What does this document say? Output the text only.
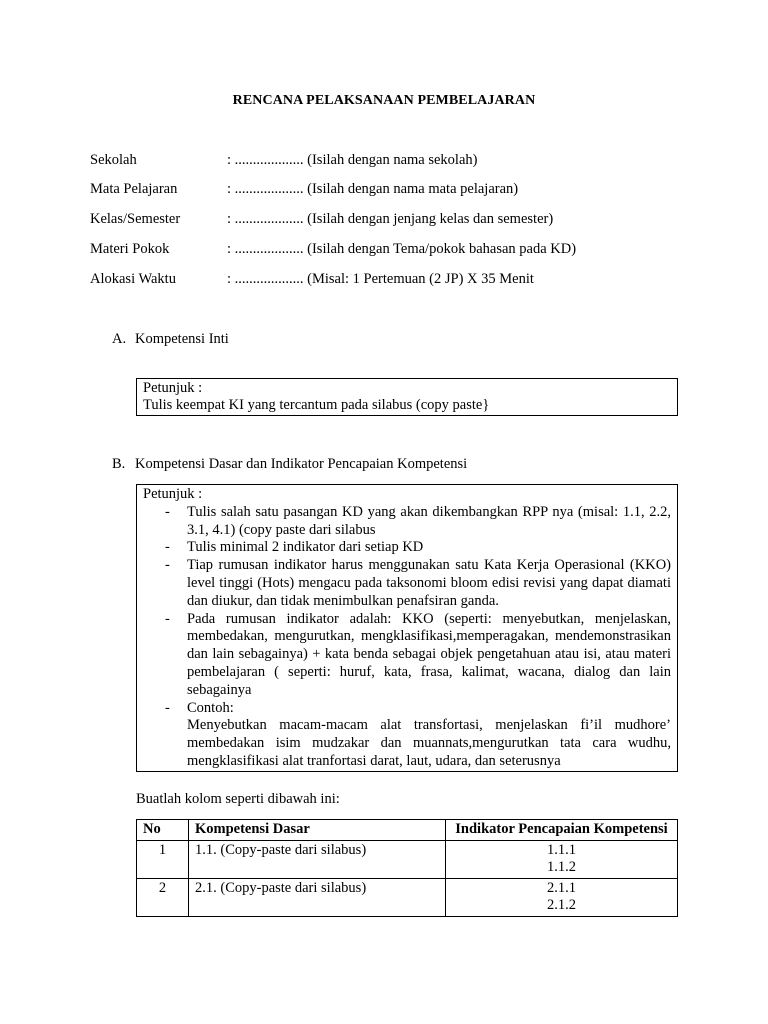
RENCANA PELAKSANAAN PEMBELAJARAN
Sekolah	: ................... (Isilah dengan nama sekolah)
Mata Pelajaran	: ................... (Isilah dengan nama mata pelajaran)
Kelas/Semester	: ................... (Isilah dengan jenjang kelas dan semester)
Materi Pokok	: ................... (Isilah dengan Tema/pokok bahasan pada KD)
Alokasi Waktu	: ................... (Misal: 1 Pertemuan (2 JP) X 35 Menit
A. Kompetensi Inti
Petunjuk :
Tulis keempat KI yang tercantum pada silabus (copy paste}
B. Kompetensi Dasar dan Indikator Pencapaian Kompetensi
Petunjuk :
- Tulis salah satu pasangan KD yang akan dikembangkan RPP nya (misal: 1.1, 2.2, 3.1, 4.1) (copy paste dari silabus

- Tulis minimal 2 indikator dari setiap KD

- Tiap rumusan indikator harus menggunakan satu Kata Kerja Operasional (KKO) level tinggi (Hots) mengacu pada taksonomi bloom edisi revisi yang dapat diamati dan diukur, dan tidak menimbulkan penafsiran ganda.

- Pada rumusan indikator adalah: KKO (seperti: menyebutkan, menjelaskan, membedakan, mengurutkan, mengklasifikasi,memperagakan, mendemonstrasikan dan lain sebagainya) + kata benda sebagai objek pengetahuan atau isi, atau materi pembelajaran ( seperti: huruf, kata, frasa, kalimat, wacana, dialog dan lain sebagainya

- Contoh:

Menyebutkan macam-macam alat transfortasi, menjelaskan fi’il mudhore’ membedakan isim mudzakar dan muannats,mengurutkan tata cara wudhu, mengklasifikasi alat tranfortasi darat, laut, udara, dan seterusnya

Buatlah kolom seperti dibawah ini:
No	Kompetensi Dasar	Indikator Pencapaian Kompetensi
1	1.1. (Copy-paste dari silabus)	1.1.1
1.1.2

2	2.1. (Copy-paste dari silabus)	2.1.1
2.1.2
